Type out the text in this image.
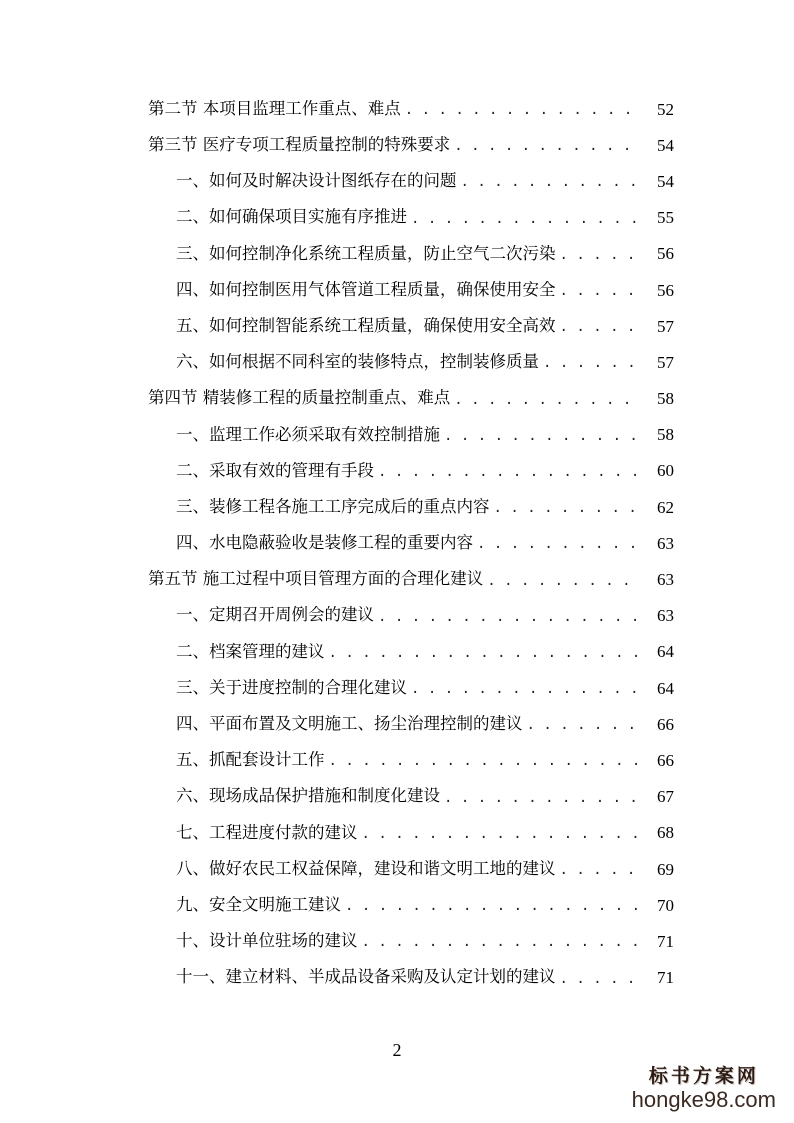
第二节 本项目监理工作重点、难点 . . .	52
第三节 医疗专项工程质量控制的特殊要求 . . .	54
一、如何及时解决设计图纸存在的问题 . . .	54
二、如何确保项目实施有序推进 . . .	55
三、如何控制净化系统工程质量，防止空气二次污染 . . .	56
四、如何控制医用气体管道工程质量，确保使用安全 . . .	56
五、如何控制智能系统工程质量，确保使用安全高效 . . .	57
六、如何根据不同科室的装修特点，控制装修质量 . . .	57
第四节 精装修工程的质量控制重点、难点 . . .	58
一、监理工作必须采取有效控制措施 . . .	58
二、采取有效的管理有手段 . . .	60
三、装修工程各施工工序完成后的重点内容 . . .	62
四、水电隐蔽验收是装修工程的重要内容 . . .	63
第五节 施工过程中项目管理方面的合理化建议 . . .	63
一、定期召开周例会的建议 . . .	63
二、档案管理的建议 . . .	64
三、关于进度控制的合理化建议 . . .	64
四、平面布置及文明施工、扬尘治理控制的建议 . . .	66
五、抓配套设计工作 . . .	66
六、现场成品保护措施和制度化建设 . . .	67
七、工程进度付款的建议 . . .	68
八、做好农民工权益保障，建设和谐文明工地的建议 . . .	69
九、安全文明施工建议 . . .	70
十、设计单位驻场的建议 . . .	71
十一、建立材料、半成品设备采购及认定计划的建议 . . .	71
2
标书方案网
hongke98.com
